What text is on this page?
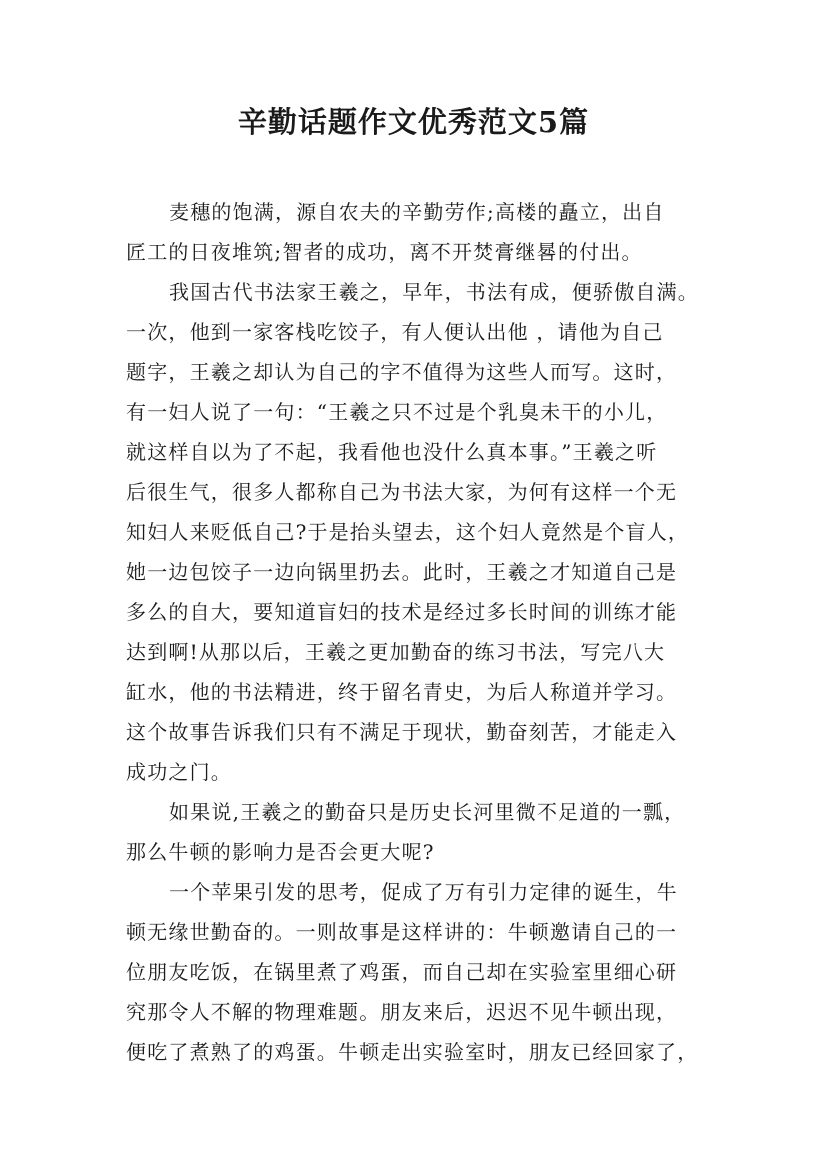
辛勤话题作文优秀范文5篇

麦穗的饱满，源自农夫的辛勤劳作;高楼的矗立，出自

匠工的日夜堆筑;智者的成功，离不开焚膏继晷的付出。

我国古代书法家王羲之，早年，书法有成，便骄傲自满。

一次，他到一家客栈吃饺子，有人便认出他 ，请他为自己

题字，王羲之却认为自己的字不值得为这些人而写。这时，

有一妇人说了一句：“王羲之只不过是个乳臭未干的小儿，

就这样自以为了不起，我看他也没什么真本事。”王羲之听

后很生气，很多人都称自己为书法大家，为何有这样一个无

知妇人来贬低自己?于是抬头望去，这个妇人竟然是个盲人，

她一边包饺子一边向锅里扔去。此时，王羲之才知道自己是

多么的自大，要知道盲妇的技术是经过多长时间的训练才能

达到啊!从那以后，王羲之更加勤奋的练习书法，写完八大

缸水，他的书法精进，终于留名青史，为后人称道并学习。

这个故事告诉我们只有不满足于现状，勤奋刻苦，才能走入

成功之门。

如果说,王羲之的勤奋只是历史长河里微不足道的一瓢，

那么牛顿的影响力是否会更大呢?

一个苹果引发的思考，促成了万有引力定律的诞生，牛

顿无缘世勤奋的。一则故事是这样讲的：牛顿邀请自己的一

位朋友吃饭，在锅里煮了鸡蛋，而自己却在实验室里细心研

究那令人不解的物理难题。朋友来后，迟迟不见牛顿出现，

便吃了煮熟了的鸡蛋。牛顿走出实验室时，朋友已经回家了，
